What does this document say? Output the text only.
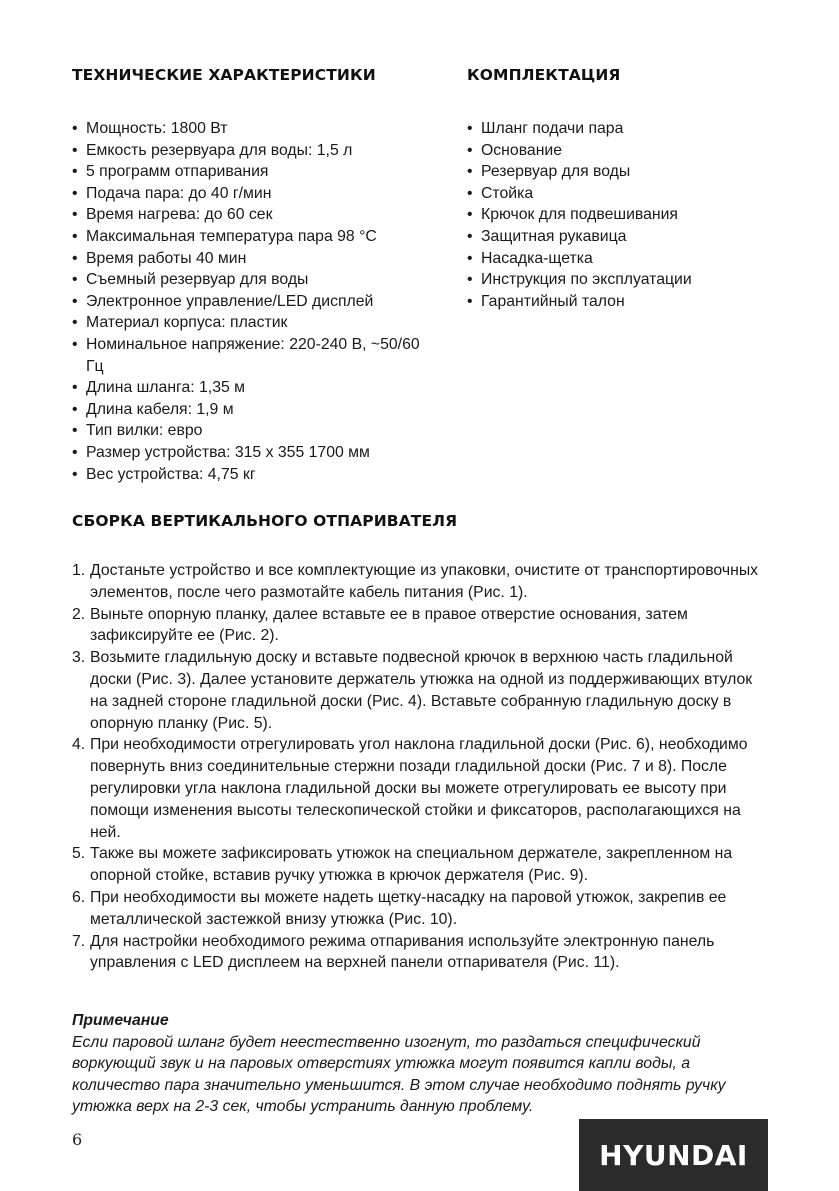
ТЕХНИЧЕСКИЕ ХАРАКТЕРИСТИКИ
• Мощность: 1800 Вт
• Емкость резервуара для воды: 1,5 л
• 5 программ отпаривания
• Подача пара: до 40 г/мин
• Время нагрева: до 60 сек
• Максимальная температура пара 98 °С
• Время работы 40 мин
• Съемный резервуар для воды
• Электронное управление/LED дисплей
• Материал корпуса: пластик
• Номинальное напряжение: 220-240 В, ~50/60 Гц
• Длина шланга: 1,35 м
• Длина кабеля: 1,9 м
• Тип вилки: евро
• Размер устройства: 315 х 355 1700 мм
• Вес устройства: 4,75 кг
КОМПЛЕКТАЦИЯ
• Шланг подачи пара
• Основание
• Резервуар для воды
• Стойка
• Крючок для подвешивания
• Защитная рукавица
• Насадка-щетка
• Инструкция по эксплуатации
• Гарантийный талон
СБОРКА ВЕРТИКАЛЬНОГО ОТПАРИВАТЕЛЯ
1. Достаньте устройство и все комплектующие из упаковки, очистите от транспортировочных элементов, после чего размотайте кабель питания (Рис. 1).
2. Выньте опорную планку, далее вставьте ее в правое отверстие основания, затем зафиксируйте ее (Рис. 2).
3. Возьмите гладильную доску и вставьте подвесной крючок в верхнюю часть гладильной доски (Рис. 3). Далее установите держатель утюжка на одной из поддерживающих втулок на задней стороне гладильной доски (Рис. 4). Вставьте собранную гладильную доску в опорную планку (Рис. 5).
4. При необходимости отрегулировать угол наклона гладильной доски (Рис. 6), необходимо повернуть вниз соединительные стержни позади гладильной доски (Рис. 7 и 8). После регулировки угла наклона гладильной доски вы можете отрегулировать ее высоту при помощи изменения высоты телескопической стойки и фиксаторов, располагающихся на ней.
5. Также вы можете зафиксировать утюжок на специальном держателе, закрепленном на опорной стойке, вставив ручку утюжка в крючок держателя (Рис. 9).
6. При необходимости вы можете надеть щетку-насадку на паровой утюжок, закрепив ее металлической застежкой внизу утюжка (Рис. 10).
7. Для настройки необходимого режима отпаривания используйте электронную панель управления с LED дисплеем на верхней панели отпаривателя (Рис. 11).
Примечание
Если паровой шланг будет неестественно изогнут, то раздаться специфический воркующий звук и на паровых отверстиях утюжка могут появится капли воды, а количество пара значительно уменьшится. В этом случае необходимо поднять ручку утюжка верх на 2-3 сек, чтобы устранить данную проблему.
6	HYUNDAI
